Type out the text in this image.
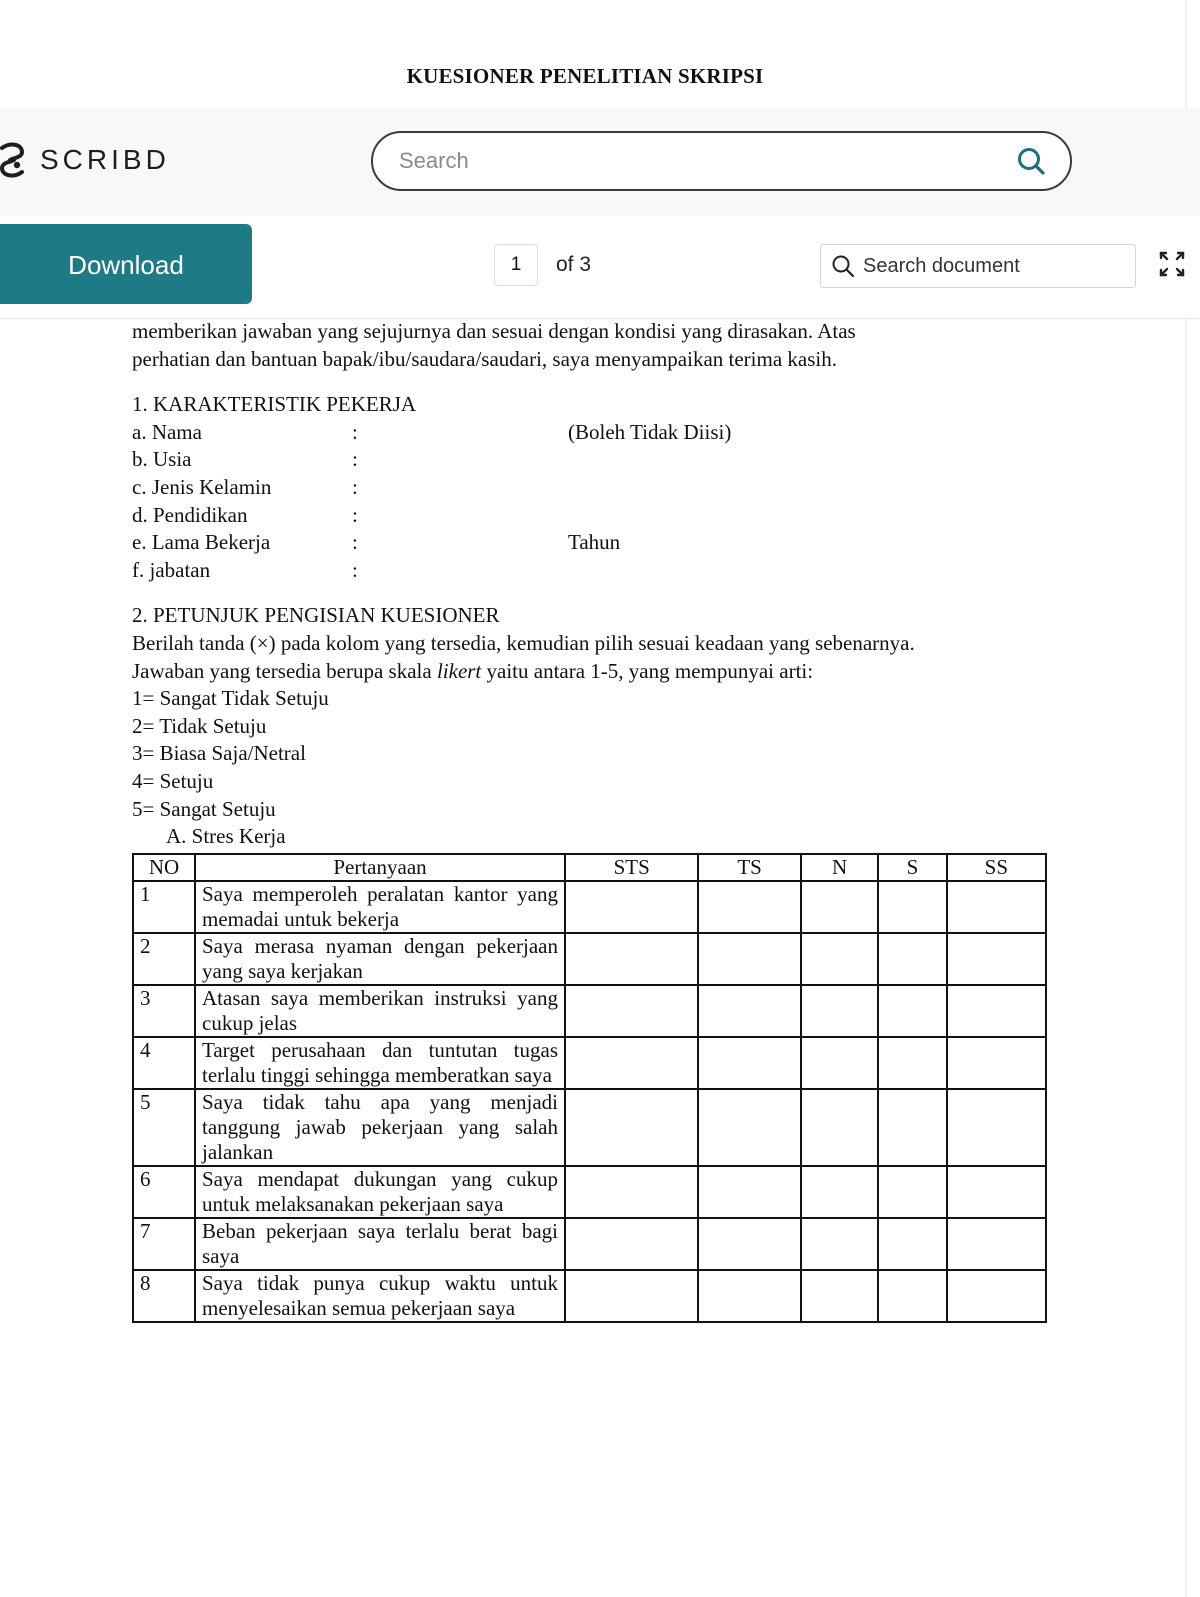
KUESIONER PENELITIAN SKRIPSI
SCRIBD
Search
Download	1	of 3
Search document

memberikan jawaban yang sejujurnya dan sesuai dengan kondisi yang dirasakan. Atas

perhatian dan bantuan bapak/ibu/saudara/saudari, saya menyampaikan terima kasih.

1. KARAKTERISTIK PEKERJA
a. Nama	:	(Boleh Tidak Diisi)
b. Usia	:
c. Jenis Kelamin	:
d. Pendidikan	:
e. Lama Bekerja	:	Tahun
f. jabatan	:
2. PETUNJUK PENGISIAN KUESIONER
Berilah tanda (×) pada kolom yang tersedia, kemudian pilih sesuai keadaan yang sebenarnya.
Jawaban yang tersedia berupa skala likert yaitu antara 1-5, yang mempunyai arti:
1= Sangat Tidak Setuju
2= Tidak Setuju
3= Biasa Saja/Netral
4= Setuju
5= Sangat Setuju
A. Stres Kerja
NO	Pertanyaan	STS	TS	N	S	SS
1	Saya memperoleh peralatan kantor yang memadai untuk bekerja					
2	Saya merasa nyaman dengan pekerjaan yang saya kerjakan					
3	Atasan saya memberikan instruksi yang cukup jelas					
4	Target perusahaan dan tuntutan tugas terlalu tinggi sehingga memberatkan saya					
5	Saya tidak tahu apa yang menjadi tanggung jawab pekerjaan yang salah jalankan					
6	Saya mendapat dukungan yang cukup untuk melaksanakan pekerjaan saya					
7	Beban pekerjaan saya terlalu berat bagi saya					
8	Saya tidak punya cukup waktu untuk menyelesaikan semua pekerjaan saya					
